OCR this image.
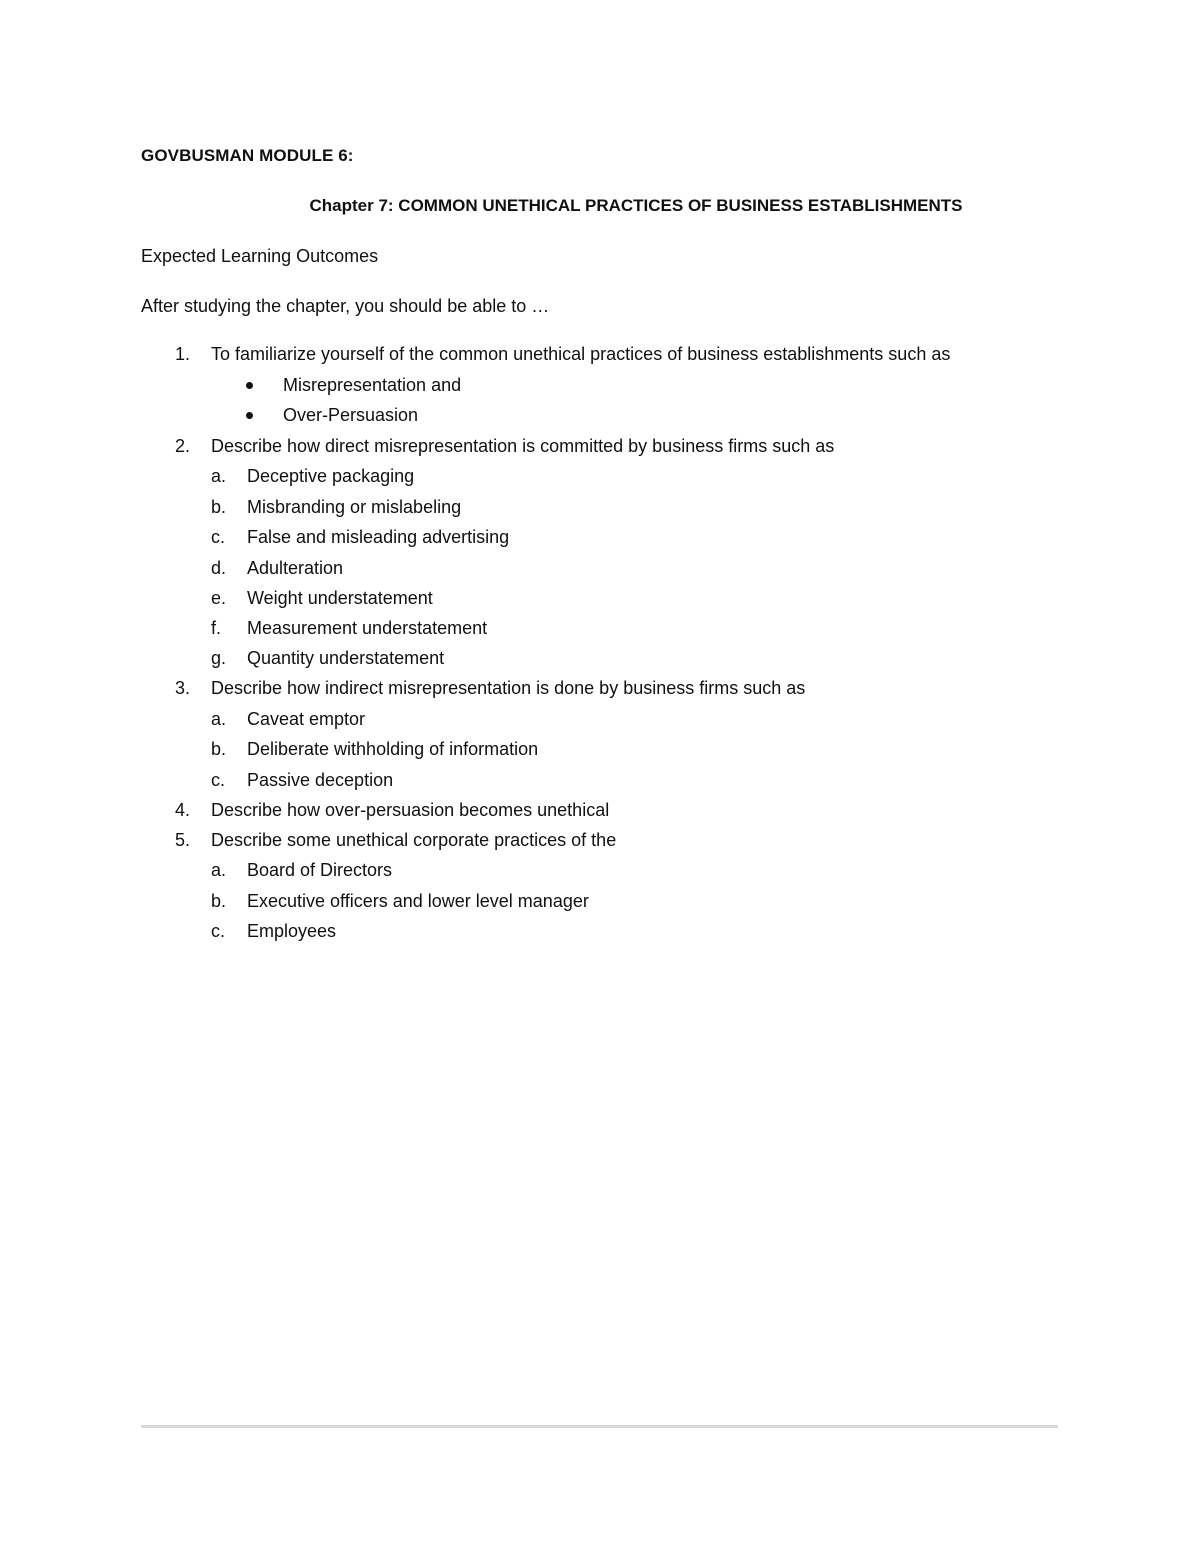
GOVBUSMAN MODULE 6:
Chapter 7: COMMON UNETHICAL PRACTICES OF BUSINESS ESTABLISHMENTS
Expected Learning Outcomes
After studying the chapter, you should be able to …
1. To familiarize yourself of the common unethical practices of business establishments such as
Misrepresentation and
Over-Persuasion
2. Describe how direct misrepresentation is committed by business firms such as
a. Deceptive packaging
b. Misbranding or mislabeling
c. False and misleading advertising
d. Adulteration
e. Weight understatement
f. Measurement understatement
g. Quantity understatement
3. Describe how indirect misrepresentation is done by business firms such as
a. Caveat emptor
b. Deliberate withholding of information
c. Passive deception
4. Describe how over-persuasion becomes unethical
5. Describe some unethical corporate practices of the
a. Board of Directors
b. Executive officers and lower level manager
c. Employees
